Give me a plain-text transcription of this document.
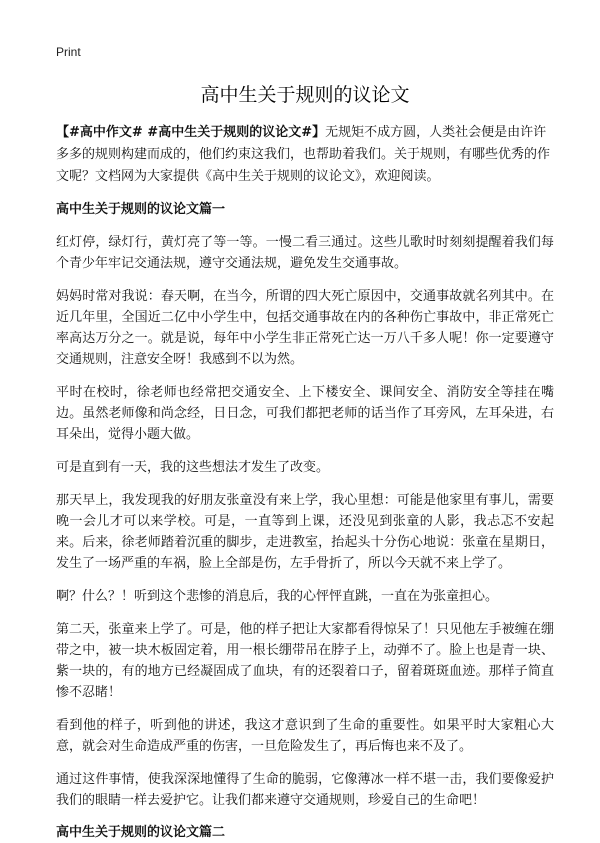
Print
高中生关于规则的议论文

【#高中作文# #高中生关于规则的议论文#】无规矩不成方圆，人类社会便是由许许多多的规则构建而成的，他们约束这我们，也帮助着我们。关于规则，有哪些优秀的作文呢？文档网为大家提供《高中生关于规则的议论文》，欢迎阅读。

高中生关于规则的议论文篇一

红灯停，绿灯行，黄灯亮了等一等。一慢二看三通过。这些儿歌时时刻刻提醒着我们每个青少年牢记交通法规，遵守交通法规，避免发生交通事故。

妈妈时常对我说：春天啊，在当今，所谓的四大死亡原因中，交通事故就名列其中。在近几年里，全国近二亿中小学生中，包括交通事故在内的各种伤亡事故中，非正常死亡率高达万分之一。就是说，每年中小学生非正常死亡达一万八千多人呢！你一定要遵守交通规则，注意安全呀！我感到不以为然。

平时在校时，徐老师也经常把交通安全、上下楼安全、课间安全、消防安全等挂在嘴边。虽然老师像和尚念经，日日念，可我们都把老师的话当作了耳旁风，左耳朵进，右耳朵出，觉得小题大做。

可是直到有一天，我的这些想法才发生了改变。

那天早上，我发现我的好朋友张童没有来上学，我心里想：可能是他家里有事儿，需要晚一会儿才可以来学校。可是，一直等到上课，还没见到张童的人影，我忐忑不安起来。后来，徐老师踏着沉重的脚步，走进教室，抬起头十分伤心地说：张童在星期日，发生了一场严重的车祸，脸上全部是伤，左手骨折了，所以今天就不来上学了。

啊？什么？！听到这个悲惨的消息后，我的心怦怦直跳，一直在为张童担心。

第二天，张童来上学了。可是，他的样子把让大家都看得惊呆了！只见他左手被缠在绷带之中，被一块木板固定着，用一根长绷带吊在脖子上，动弹不了。脸上也是青一块、紫一块的，有的地方已经凝固成了血块，有的还裂着口子，留着斑斑血迹。那样子简直惨不忍睹！

看到他的样子，听到他的讲述，我这才意识到了生命的重要性。如果平时大家粗心大意，就会对生命造成严重的伤害，一旦危险发生了，再后悔也来不及了。

通过这件事情，使我深深地懂得了生命的脆弱，它像薄冰一样不堪一击，我们要像爱护我们的眼睛一样去爱护它。让我们都来遵守交通规则，珍爱自己的生命吧！

高中生关于规则的议论文篇二
